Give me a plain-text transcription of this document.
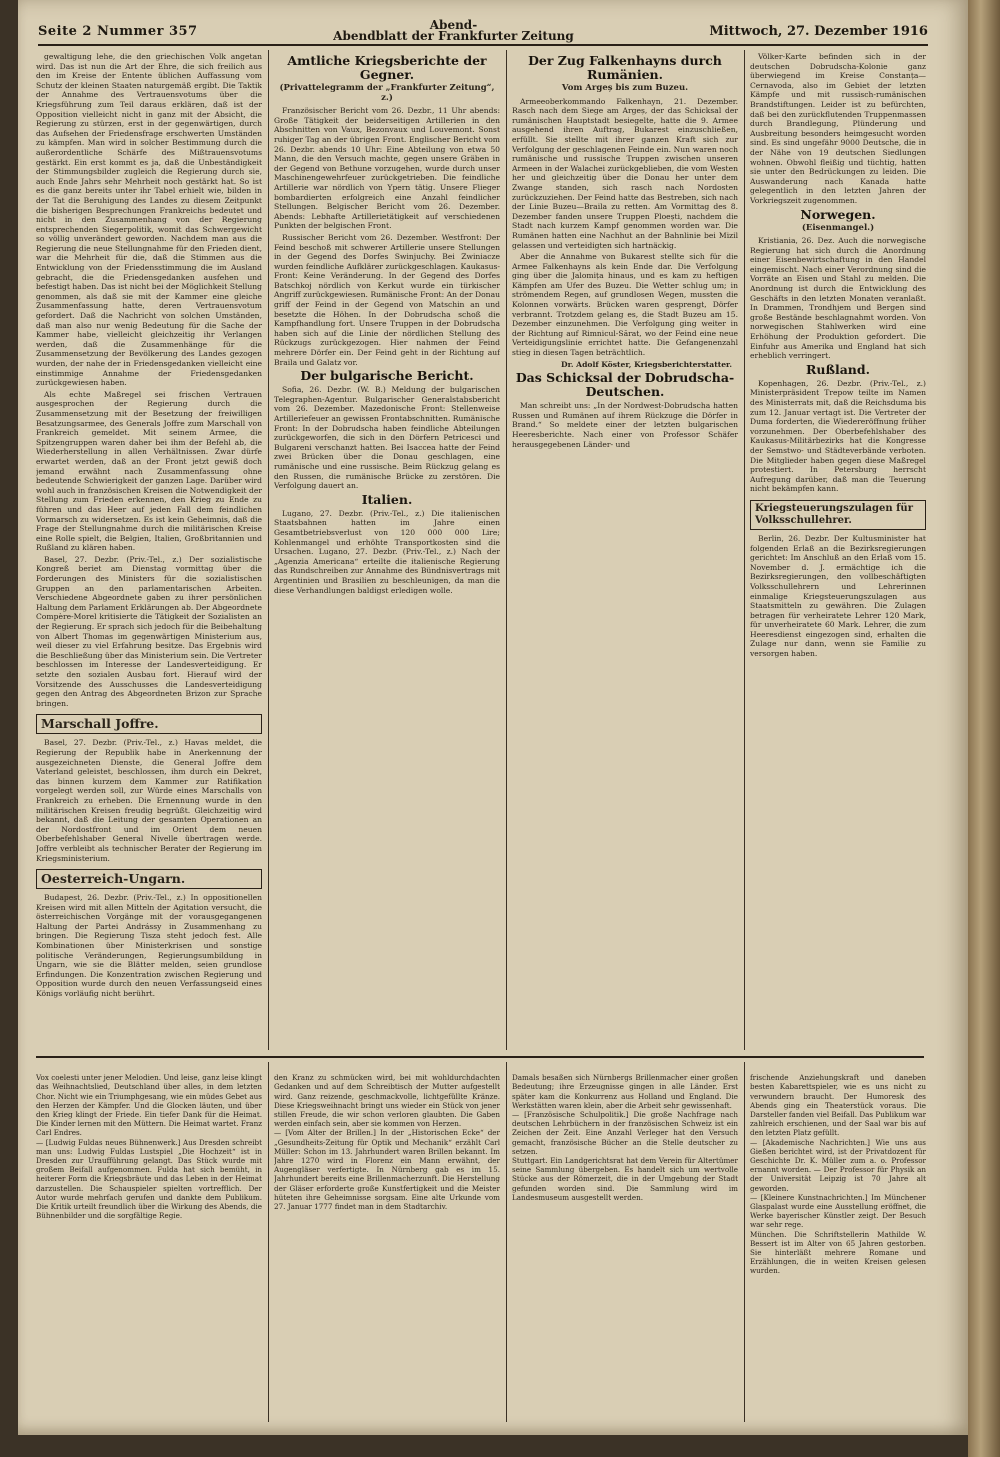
Seite 2 Nummer 357	Abend-
Abendblatt der Frankfurter Zeitung	Mittwoch, 27. Dezember 1916

gewaltigung lehe, die den griechischen Volk angetan wird. Das ist nun die Art der Ehre, die sich freilich aus den im Kreise der Entente üblichen Auffassung vom Schutz der kleinen Staaten naturgemäß ergibt. Die Taktik der Annahme des Vertrauensvotums über die Kriegsführung zum Teil daraus erklären, daß ist der Opposition vielleicht nicht in ganz mit der Absicht, die Regierung zu stürzen, erst in der gegenwärtigen, durch das Aufsehen der Friedensfrage erschwerten Umständen zu kämpfen. Man wird in solcher Bestimmung durch die außerordentliche Schärfe des Mißtrauensvotums gestärkt. Ein erst kommt es ja, daß die Unbeständigkeit der Stimmungsbilder zugleich die Regierung durch sie, auch Ende Jahrs sehr Mehrheit noch gestärkt hat. So ist es die ganz bereits unter ihr Tabel erhielt wie, bilden in der Tat die Beruhigung des Landes zu diesem Zeitpunkt die bisherigen Besprechungen Frankreichs bedeutet und nicht in den Zusammenhang von der Regierung entsprechenden Siegerpolitik, womit das Schwergewicht so völlig unverändert geworden. Nachdem man aus die Regierung die neue Stellungnahme für den Frieden dient, war die Mehrheit für die, daß die Stimmen aus die Entwicklung von der Friedensstimmung die im Ausland gebracht, die die Friedensgedanken ausfehen und befestigt haben. Das ist nicht bei der Möglichkeit Stellung genommen, als daß sie mit der Kammer eine gleiche Zusammenfassung hatte, deren Vertrauensvotum gefordert. Daß die Nachricht von solchen Umständen, daß man also nur wenig Bedeutung für die Sache der Kammer habe, vielleicht gleichzeitig ihr Verlangen werden, daß die Zusammenhänge für die Zusammensetzung der Bevölkerung des Landes gezogen wurden, der nahe der in Friedensgedanken vielleicht eine einstimmige Annahme der Friedensgedanken zurückgewiesen haben.

Als echte Maßregel sei frischen Vertrauen ausgesprochen der Regierung durch die Zusammensetzung mit der Besetzung der freiwilligen Besatzungsarmee, des Generals Joffre zum Marschall von Frankreich gemeldet. Mit seinem Armee, die Spitzengruppen waren daher bei ihm der Befehl ab, die Wiederherstellung in allen Verhältnissen. Zwar dürfe erwartet werden, daß an der Front jetzt gewiß doch jemand erwähnt nach Zusammenfassung ohne bedeutende Schwierigkeit der ganzen Lage. Darüber wird wohl auch in französischen Kreisen die Notwendigkeit der Stellung zum Frieden erkennen, den Krieg zu Ende zu führen und das Heer auf jeden Fall dem feindlichen Vormarsch zu widersetzen. Es ist kein Geheimnis, daß die Frage der Stellungnahme durch die militärischen Kreise eine Rolle spielt, die Belgien, Italien, Großbritannien und Rußland zu klären haben.

Basel, 27. Dezbr. (Priv.-Tel., z.) Der sozialistische Kongreß beriet am Dienstag vormittag über die Forderungen des Ministers für die sozialistischen Gruppen an den parlamentarischen Arbeiten. Verschiedene Abgeordnete gaben zu ihrer persönlichen Haltung dem Parlament Erklärungen ab. Der Abgeordnete Compère-Morel kritisierte die Tätigkeit der Sozialisten an der Regierung. Er sprach sich jedoch für die Beibehaltung von Albert Thomas im gegenwärtigen Ministerium aus, weil dieser zu viel Erfahrung besitze. Das Ergebnis wird die Beschließung über das Ministerium sein. Die Vertreter beschlossen im Interesse der Landesverteidigung. Er setzte den sozialen Ausbau fort. Hierauf wird der Vorsitzende des Ausschusses die Landesverteidigung gegen den Antrag des Abgeordneten Brizon zur Sprache bringen.

Marschall Joffre.

Basel, 27. Dezbr. (Priv.-Tel., z.) Havas meldet, die Regierung der Republik habe in Anerkennung der ausgezeichneten Dienste, die General Joffre dem Vaterland geleistet, beschlossen, ihm durch ein Dekret, das binnen kurzem dem Kammer zur Ratifikation vorgelegt werden soll, zur Würde eines Marschalls von Frankreich zu erheben. Die Ernennung wurde in den militärischen Kreisen freudig begrüßt. Gleichzeitig wird bekannt, daß die Leitung der gesamten Operationen an der Nordostfront und im Orient dem neuen Oberbefehlshaber General Nivelle übertragen werde. Joffre verbleibt als technischer Berater der Regierung im Kriegsministerium.

Oesterreich-Ungarn.

Budapest, 26. Dezbr. (Priv.-Tel., z.) In oppositionellen Kreisen wird mit allen Mitteln der Agitation versucht, die österreichischen Vorgänge mit der vorausgegangenen Haltung der Partei Andrássy in Zusammenhang zu bringen. Die Regierung Tisza steht jedoch fest. Alle Kombinationen über Ministerkrisen und sonstige politische Veränderungen, Regierungsumbildung in Ungarn, wie sie die Blätter melden, seien grundlose Erfindungen. Die Konzentration zwischen Regierung und Opposition wurde durch den neuen Verfassungseid eines Königs vorläufig nicht berührt.

Amtliche Kriegsberichte der Gegner.
(Privattelegramm der „Frankfurter Zeitung“, z.)

Französischer Bericht vom 26. Dezbr., 11 Uhr abends: Große Tätigkeit der beiderseitigen Artillerien in den Abschnitten von Vaux, Bezonvaux und Louvemont. Sonst ruhiger Tag an der übrigen Front. Englischer Bericht vom 26. Dezbr. abends 10 Uhr: Eine Abteilung von etwa 50 Mann, die den Versuch machte, gegen unsere Gräben in der Gegend von Bethune vorzugehen, wurde durch unser Maschinengewehrfeuer zurückgetrieben. Die feindliche Artillerie war nördlich von Ypern tätig. Unsere Flieger bombardierten erfolgreich eine Anzahl feindlicher Stellungen. Belgischer Bericht vom 26. Dezember. Abends: Lebhafte Artillerietätigkeit auf verschiedenen Punkten der belgischen Front.

Russischer Bericht vom 26. Dezember. Westfront: Der Feind beschoß mit schwerer Artillerie unsere Stellungen in der Gegend des Dorfes Swinjuchy. Bei Zwiniacze wurden feindliche Aufklärer zurückgeschlagen. Kaukasus-Front: Keine Veränderung. In der Gegend des Dorfes Batschkoj nördlich von Kerkut wurde ein türkischer Angriff zurückgewiesen. Rumänische Front: An der Donau griff der Feind in der Gegend von Matschin an und besetzte die Höhen. In der Dobrudscha schoß die Kampfhandlung fort. Unsere Truppen in der Dobrudscha haben sich auf die Linie der nördlichen Stellung des Rückzugs zurückgezogen. Hier nahmen der Feind mehrere Dörfer ein. Der Feind geht in der Richtung auf Braila und Galatz vor.

Der bulgarische Bericht.

Sofia, 26. Dezbr. (W. B.) Meldung der bulgarischen Telegraphen-Agentur. Bulgarischer Generalstabsbericht vom 26. Dezember. Mazedonische Front: Stellenweise Artilleriefeuer an gewissen Frontabschnitten. Rumänische Front: In der Dobrudscha haben feindliche Abteilungen zurückgeworfen, die sich in den Dörfern Petricesci und Bulgareni verschanzt hatten. Bei Isaccea hatte der Feind zwei Brücken über die Donau geschlagen, eine rumänische und eine russische. Beim Rückzug gelang es den Russen, die rumänische Brücke zu zerstören. Die Verfolgung dauert an.

Italien.

Lugano, 27. Dezbr. (Priv.-Tel., z.) Die italienischen Staatsbahnen hatten im Jahre einen Gesamtbetriebsverlust von 120 000 000 Lire; Kohlenmangel und erhöhte Transportkosten sind die Ursachen. Lugano, 27. Dezbr. (Priv.-Tel., z.) Nach der „Agenzia Americana“ erteilte die italienische Regierung das Rundschreiben zur Annahme des Bündnisvertrags mit Argentinien und Brasilien zu beschleunigen, da man die diese Verhandlungen baldigst erledigen wolle.

Der Zug Falkenhayns durch Rumänien.
Vom Argeș bis zum Buzeu.

Armeeoberkommando Falkenhayn, 21. Dezember. Rasch nach dem Siege am Argeș, der das Schicksal der rumänischen Hauptstadt besiegelte, hatte die 9. Armee ausgehend ihren Auftrag, Bukarest einzuschließen, erfüllt. Sie stellte mit ihrer ganzen Kraft sich zur Verfolgung der geschlagenen Feinde ein. Nun waren noch rumänische und russische Truppen zwischen unseren Armeen in der Walachei zurückgeblieben, die vom Westen her und gleichzeitig über die Donau her unter dem Zwange standen, sich rasch nach Nordosten zurückzuziehen. Der Feind hatte das Bestreben, sich nach der Linie Buzeu—Braila zu retten. Am Vormittag des 8. Dezember fanden unsere Truppen Ploești, nachdem die Stadt nach kurzem Kampf genommen worden war. Die Rumänen hatten eine Nachhut an der Bahnlinie bei Mizil gelassen und verteidigten sich hartnäckig.

Aber die Annahme von Bukarest stellte sich für die Armee Falkenhayns als kein Ende dar. Die Verfolgung ging über die Jalomița hinaus, und es kam zu heftigen Kämpfen am Ufer des Buzeu. Die Wetter schlug um; in strömendem Regen, auf grundlosen Wegen, mussten die Kolonnen vorwärts. Brücken waren gesprengt, Dörfer verbrannt. Trotzdem gelang es, die Stadt Buzeu am 15. Dezember einzunehmen. Die Verfolgung ging weiter in der Richtung auf Rimnicul-Sărat, wo der Feind eine neue Verteidigungslinie errichtet hatte. Die Gefangenenzahl stieg in diesen Tagen beträchtlich.

Dr. Adolf Köster, Kriegsberichterstatter.
Das Schicksal der Dobrudscha-Deutschen.

Man schreibt uns: „In der Nordwest-Dobrudscha hatten Russen und Rumänen auf ihrem Rückzuge die Dörfer in Brand.“ So meldete einer der letzten bulgarischen Heeresberichte. Nach einer von Professor Schäfer herausgegebenen Länder- und

Völker-Karte befinden sich in der deutschen Dobrudscha-Kolonie ganz überwiegend im Kreise Constanța—Cernavoda, also im Gebiet der letzten Kämpfe und mit russisch-rumänischen Brandstiftungen. Leider ist zu befürchten, daß bei den zurückflutenden Truppenmassen durch Brandlegung, Plünderung und Ausbreitung besonders heimgesucht worden sind. Es sind ungefähr 9000 Deutsche, die in der Nähe von 19 deutschen Siedlungen wohnen. Obwohl fleißig und tüchtig, hatten sie unter den Bedrückungen zu leiden. Die Auswanderung nach Kanada hatte gelegentlich in den letzten Jahren der Vorkriegszeit zugenommen.

Norwegen.
(Eisenmangel.)

Kristiania, 26. Dez. Auch die norwegische Regierung hat sich durch die Anordnung einer Eisenbewirtschaftung in den Handel eingemischt. Nach einer Verordnung sind die Vorräte an Eisen und Stahl zu melden. Die Anordnung ist durch die Entwicklung des Geschäfts in den letzten Monaten veranlaßt. In Drammen, Trondhjem und Bergen sind große Bestände beschlagnahmt worden. Von norwegischen Stahlwerken wird eine Erhöhung der Produktion gefordert. Die Einfuhr aus Amerika und England hat sich erheblich verringert.

Rußland.

Kopenhagen, 26. Dezbr. (Priv.-Tel., z.) Ministerpräsident Trepow teilte im Namen des Ministerrats mit, daß die Reichsduma bis zum 12. Januar vertagt ist. Die Vertreter der Duma forderten, die Wiedereröffnung früher vorzunehmen. Der Oberbefehlshaber des Kaukasus-Militärbezirks hat die Kongresse der Semstwo- und Städteverbände verboten. Die Mitglieder haben gegen diese Maßregel protestiert. In Petersburg herrscht Aufregung darüber, daß man die Teuerung nicht bekämpfen kann.

Kriegsteuerungszulagen für Volksschullehrer.

Berlin, 26. Dezbr. Der Kultusminister hat folgenden Erlaß an die Bezirksregierungen gerichtet: Im Anschluß an den Erlaß vom 15. November d. J. ermächtige ich die Bezirksregierungen, den vollbeschäftigten Volksschullehrern und Lehrerinnen einmalige Kriegsteuerungszulagen aus Staatsmitteln zu gewähren. Die Zulagen betragen für verheiratete Lehrer 120 Mark, für unverheiratete 60 Mark. Lehrer, die zum Heeresdienst eingezogen sind, erhalten die Zulage nur dann, wenn sie Familie zu versorgen haben.

Vox coelesti unter jener Melodien. Und leise, ganz leise klingt das Weihnachtslied, Deutschland über alles, in dem letzten Chor. Nicht wie ein Triumphgesang, wie ein müdes Gebet aus den Herzen der Kämpfer. Und die Glocken läuten, und über den Krieg klingt der Friede. Ein tiefer Dank für die Heimat. Die Kinder lernen mit den Müttern. Die Heimat wartet. Franz Carl Endres.
— [Ludwig Fuldas neues Bühnenwerk.] Aus Dresden schreibt man uns: Ludwig Fuldas Lustspiel „Die Hochzeit“ ist in Dresden zur Uraufführung gelangt. Das Stück wurde mit großem Beifall aufgenommen. Fulda hat sich bemüht, in heiterer Form die Kriegsbräute und das Leben in der Heimat darzustellen. Die Schauspieler spielten vortrefflich. Der Autor wurde mehrfach gerufen und dankte dem Publikum. Die Kritik urteilt freundlich über die Wirkung des Abends, die Bühnenbilder und die sorgfältige Regie.

den Kranz zu schmücken wird, bei mit wohldurchdachten Gedanken und auf dem Schreibtisch der Mutter aufgestellt wird. Ganz reizende, geschmackvolle, lichtgefüllte Kränze. Diese Kriegsweihnacht bringt uns wieder ein Stück von jener stillen Freude, die wir schon verloren glaubten. Die Gaben werden einfach sein, aber sie kommen von Herzen.
— [Vom Alter der Brillen.] In der „Historischen Ecke“ der „Gesundheits-Zeitung für Optik und Mechanik“ erzählt Carl Müller: Schon im 13. Jahrhundert waren Brillen bekannt. Im Jahre 1270 wird in Florenz ein Mann erwähnt, der Augengläser verfertigte. In Nürnberg gab es im 15. Jahrhundert bereits eine Brillenmacherzunft. Die Herstellung der Gläser erforderte große Kunstfertigkeit und die Meister hüteten ihre Geheimnisse sorgsam. Eine alte Urkunde vom 27. Januar 1777 findet man in dem Stadtarchiv.

Damals besaßen sich Nürnbergs Brillenmacher einer großen Bedeutung; ihre Erzeugnisse gingen in alle Länder. Erst später kam die Konkurrenz aus Holland und England. Die Werkstätten waren klein, aber die Arbeit sehr gewissenhaft.
— [Französische Schulpolitik.] Die große Nachfrage nach deutschen Lehrbüchern in der französischen Schweiz ist ein Zeichen der Zeit. Eine Anzahl Verleger hat den Versuch gemacht, französische Bücher an die Stelle deutscher zu setzen.
Stuttgart. Ein Landgerichtsrat hat dem Verein für Altertümer seine Sammlung übergeben. Es handelt sich um wertvolle Stücke aus der Römerzeit, die in der Umgebung der Stadt gefunden worden sind. Die Sammlung wird im Landesmuseum ausgestellt werden.

frischende Anziehungskraft und daneben besten Kabarettspieler, wie es uns nicht zu verwundern braucht. Der Humoresk des Abends ging ein Theaterstück voraus. Die Darsteller fanden viel Beifall. Das Publikum war zahlreich erschienen, und der Saal war bis auf den letzten Platz gefüllt.
— [Akademische Nachrichten.] Wie uns aus Gießen berichtet wird, ist der Privatdozent für Geschichte Dr. K. Müller zum a. o. Professor ernannt worden. — Der Professor für Physik an der Universität Leipzig ist 70 Jahre alt geworden.
— [Kleinere Kunstnachrichten.] Im Münchener Glaspalast wurde eine Ausstellung eröffnet, die Werke bayerischer Künstler zeigt. Der Besuch war sehr rege.
München. Die Schriftstellerin Mathilde W. Bessert ist im Alter von 65 Jahren gestorben. Sie hinterläßt mehrere Romane und Erzählungen, die in weiten Kreisen gelesen wurden.
